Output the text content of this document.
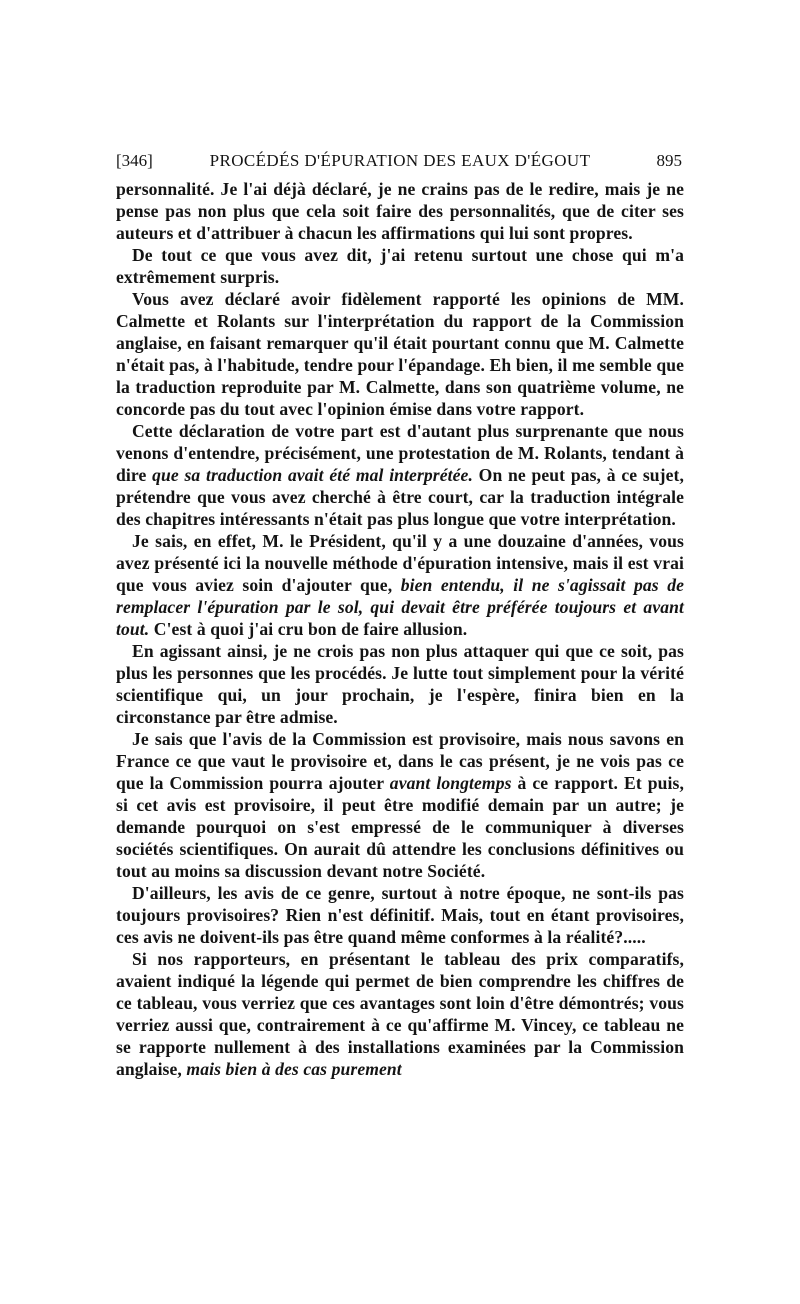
[346]	PROCÉDÉS D'ÉPURATION DES EAUX D'ÉGOUT	895

personnalité. Je l'ai déjà déclaré, je ne crains pas de le redire, mais je ne pense pas non plus que cela soit faire des personnalités, que de citer ses auteurs et d'attribuer à chacun les affirmations qui lui sont propres.

De tout ce que vous avez dit, j'ai retenu surtout une chose qui m'a extrêmement surpris.

Vous avez déclaré avoir fidèlement rapporté les opinions de MM. Calmette et Rolants sur l'interprétation du rapport de la Commission anglaise, en faisant remarquer qu'il était pourtant connu que M. Calmette n'était pas, à l'habitude, tendre pour l'épandage. Eh bien, il me semble que la traduction reproduite par M. Calmette, dans son quatrième volume, ne concorde pas du tout avec l'opinion émise dans votre rapport.

Cette déclaration de votre part est d'autant plus surprenante que nous venons d'entendre, précisément, une protestation de M. Rolants, tendant à dire que sa traduction avait été mal interprétée. On ne peut pas, à ce sujet, prétendre que vous avez cherché à être court, car la traduction intégrale des chapitres intéressants n'était pas plus longue que votre interprétation.

Je sais, en effet, M. le Président, qu'il y a une douzaine d'années, vous avez présenté ici la nouvelle méthode d'épuration intensive, mais il est vrai que vous aviez soin d'ajouter que, bien entendu, il ne s'agissait pas de remplacer l'épuration par le sol, qui devait être préférée toujours et avant tout. C'est à quoi j'ai cru bon de faire allusion.

En agissant ainsi, je ne crois pas non plus attaquer qui que ce soit, pas plus les personnes que les procédés. Je lutte tout simplement pour la vérité scientifique qui, un jour prochain, je l'espère, finira bien en la circonstance par être admise.

Je sais que l'avis de la Commission est provisoire, mais nous savons en France ce que vaut le provisoire et, dans le cas présent, je ne vois pas ce que la Commission pourra ajouter avant longtemps à ce rapport. Et puis, si cet avis est provisoire, il peut être modifié demain par un autre; je demande pourquoi on s'est empressé de le communiquer à diverses sociétés scientifiques. On aurait dû attendre les conclusions définitives ou tout au moins sa discussion devant notre Société.

D'ailleurs, les avis de ce genre, surtout à notre époque, ne sont-ils pas toujours provisoires? Rien n'est définitif. Mais, tout en étant provisoires, ces avis ne doivent-ils pas être quand même conformes à la réalité?.....

Si nos rapporteurs, en présentant le tableau des prix comparatifs, avaient indiqué la légende qui permet de bien comprendre les chiffres de ce tableau, vous verriez que ces avantages sont loin d'être démontrés; vous verriez aussi que, contrairement à ce qu'affirme M. Vincey, ce tableau ne se rapporte nullement à des installations examinées par la Commission anglaise, mais bien à des cas purement
